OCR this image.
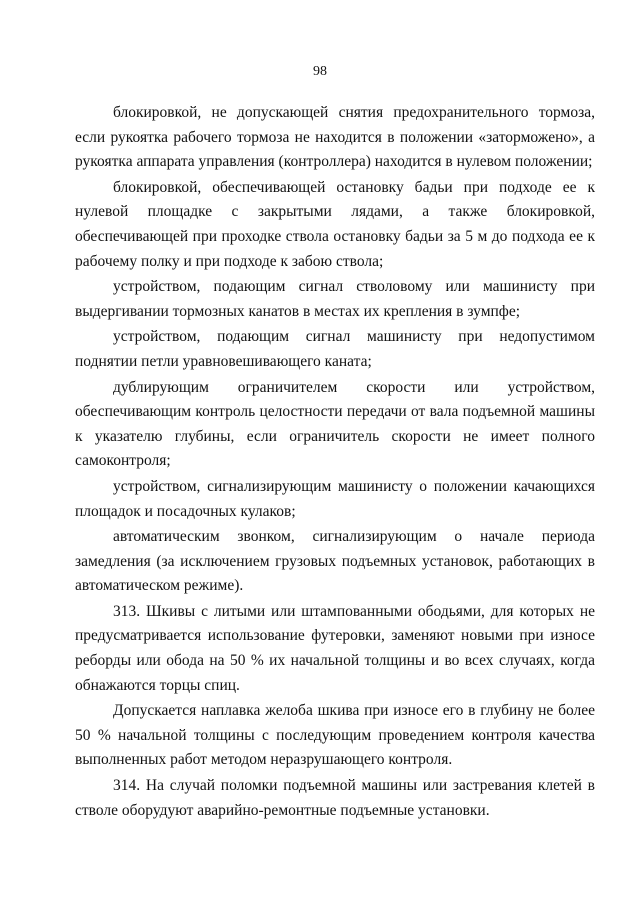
98

блокировкой, не допускающей снятия предохранительного тормоза, если рукоятка рабочего тормоза не находится в положении «заторможено», а рукоятка аппарата управления (контроллера) находится в нулевом положении;

блокировкой, обеспечивающей остановку бадьи при подходе ее к нулевой площадке с закрытыми лядами, а также блокировкой, обеспечивающей при проходке ствола остановку бадьи за 5 м до подхода ее к рабочему полку и при подходе к забою ствола;

устройством, подающим сигнал стволовому или машинисту при выдергивании тормозных канатов в местах их крепления в зумпфе;

устройством, подающим сигнал машинисту при недопустимом поднятии петли уравновешивающего каната;

дублирующим ограничителем скорости или устройством, обеспечивающим контроль целостности передачи от вала подъемной машины к указателю глубины, если ограничитель скорости не имеет полного самоконтроля;

устройством, сигнализирующим машинисту о положении качающихся площадок и посадочных кулаков;

автоматическим звонком, сигнализирующим о начале периода замедления (за исключением грузовых подъемных установок, работающих в автоматическом режиме).

313. Шкивы с литыми или штампованными ободьями, для которых не предусматривается использование футеровки, заменяют новыми при износе реборды или обода на 50 % их начальной толщины и во всех случаях, когда обнажаются торцы спиц.

Допускается наплавка желоба шкива при износе его в глубину не более 50 % начальной толщины с последующим проведением контроля качества выполненных работ методом неразрушающего контроля.

314. На случай поломки подъемной машины или застревания клетей в стволе оборудуют аварийно-ремонтные подъемные установки.
